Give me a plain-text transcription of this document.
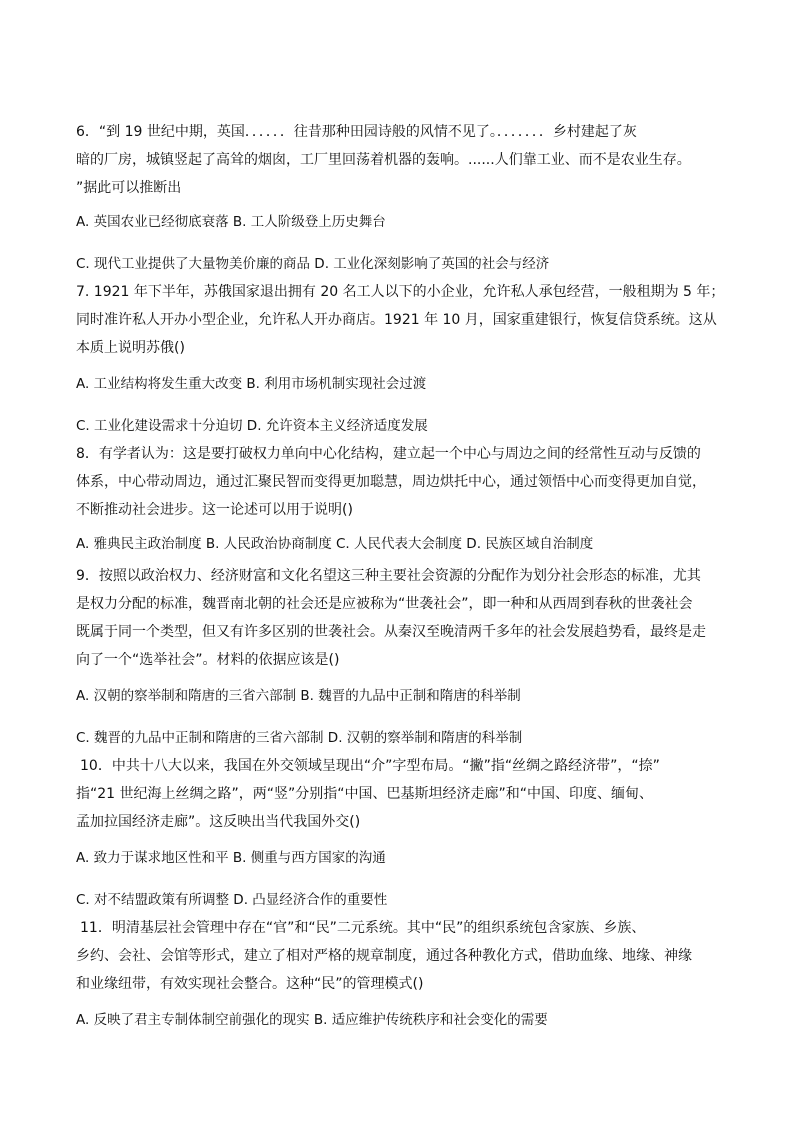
6．“到 19 世纪中期，英国．．．．．．往昔那种田园诗般的风情不见了。．．．．．．．乡村建起了灰
暗的厂房，城镇竖起了高耸的烟囱，工厂里回荡着机器的轰响。......人们靠工业、而不是农业生存。
”据此可以推断出
A. 英国农业已经彻底衰落 B. 工人阶级登上历史舞台
C. 现代工业提供了大量物美价廉的商品 D. 工业化深刻影响了英国的社会与经济
7. 1921 年下半年，苏俄国家退出拥有 20 名工人以下的小企业，允许私人承包经营，一般租期为 5 年；
同时准许私人开办小型企业，允许私人开办商店。1921 年 10 月，国家重建银行，恢复信贷系统。这从
本质上说明苏俄()
A. 工业结构将发生重大改变 B. 利用市场机制实现社会过渡
C. 工业化建设需求十分迫切 D. 允许资本主义经济适度发展
8．有学者认为：这是要打破权力单向中心化结构，建立起一个中心与周边之间的经常性互动与反馈的
体系，中心带动周边，通过汇聚民智而变得更加聪慧，周边烘托中心，通过领悟中心而变得更加自觉，
不断推动社会进步。这一论述可以用于说明()
A. 雅典民主政治制度 B. 人民政治协商制度 C. 人民代表大会制度 D. 民族区域自治制度
9．按照以政治权力、经济财富和文化名望这三种主要社会资源的分配作为划分社会形态的标准，尤其
是权力分配的标准，魏晋南北朝的社会还是应被称为“世袭社会”，即一种和从西周到春秋的世袭社会
既属于同一个类型，但又有许多区别的世袭社会。从秦汉至晚清两千多年的社会发展趋势看，最终是走
向了一个“选举社会”。材料的依据应该是()
A. 汉朝的察举制和隋唐的三省六部制 B. 魏晋的九品中正制和隋唐的科举制
C. 魏晋的九品中正制和隋唐的三省六部制 D. 汉朝的察举制和隋唐的科举制
10．中共十八大以来，我国在外交领域呈现出“介”字型布局。“撇”指“丝绸之路经济带”，“捺”
指“21 世纪海上丝绸之路”，两“竖”分别指“中国、巴基斯坦经济走廊”和“中国、印度、缅甸、
孟加拉国经济走廊”。这反映出当代我国外交()
A. 致力于谋求地区性和平 B. 侧重与西方国家的沟通
C. 对不结盟政策有所调整 D. 凸显经济合作的重要性
11．明清基层社会管理中存在“官”和“民”二元系统。其中“民”的组织系统包含家族、乡族、
乡约、会社、会馆等形式，建立了相对严格的规章制度，通过各种教化方式，借助血缘、地缘、神缘
和业缘纽带，有效实现社会整合。这种“民”的管理模式()
A. 反映了君主专制体制空前强化的现实 B. 适应维护传统秩序和社会变化的需要
